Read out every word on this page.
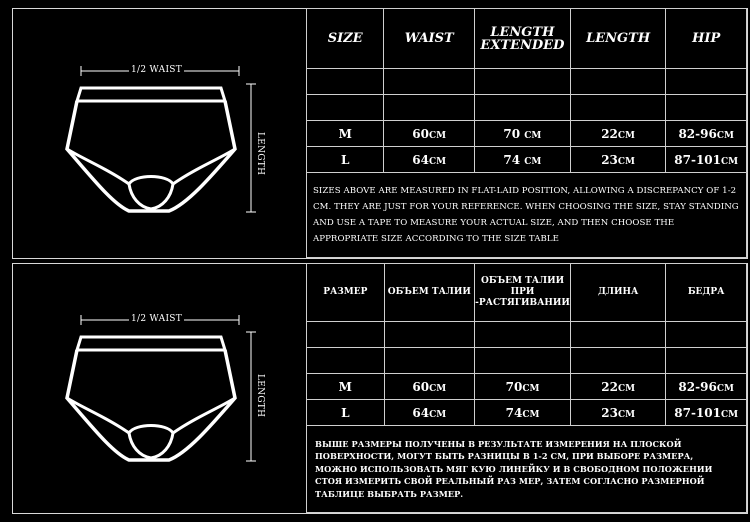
1/2 WAIST
LENGTH
SIZE	WAIST	LENGTH EXTENDED	LENGTH	HIP

M	60CM	70 CM	22CM	82-96CM
L	64CM	74 CM	23CM	87-101CM
SIZES ABOVE ARE MEASURED IN FLAT-LAID POSITION, ALLOWING A DISCREPANCY OF 1-2 CM. THEY ARE JUST FOR YOUR REFERENCE. WHEN CHOOSING THE SIZE, STAY STANDING AND USE A TAPE TO MEASURE YOUR ACTUAL SIZE, AND THEN CHOOSE THE APPROPRIATE SIZE ACCORDING TO THE SIZE TABLE				
1/2 WAIST
LENGTH
РАЗМЕР	ОБЪЕМ ТАЛИИ	ОБЪЕМ ТАЛИИ ПРИ -РАСТЯГИВАНИИ	ДЛИНА	БЕДРА

M	60CM	70CM	22CM	82-96CM
L	64CM	74CM	23CM	87-101CM
ВЫШЕ РАЗМЕРЫ ПОЛУЧЕНЫ В РЕЗУЛЬТАТЕ ИЗМЕРЕНИЯ НА ПЛОСКОЙ ПОВЕРХНОСТИ, МОГУТ БЫТЬ РАЗНИЦЫ В 1-2 СМ, ПРИ ВЫБОРЕ РАЗМЕРА, МОЖНО ИСПОЛЬЗОВАТЬ МЯГ КУЮ ЛИНЕЙКУ И В СВОБОДНОМ ПОЛОЖЕНИИ СТОЯ ИЗМЕРИТЬ СВОЙ РЕАЛЬНЫЙ РАЗ МЕР, ЗАТЕМ СОГЛАСНО РАЗМЕРНОЙ ТАБЛИЦЕ ВЫБРАТЬ РАЗМЕР.				
